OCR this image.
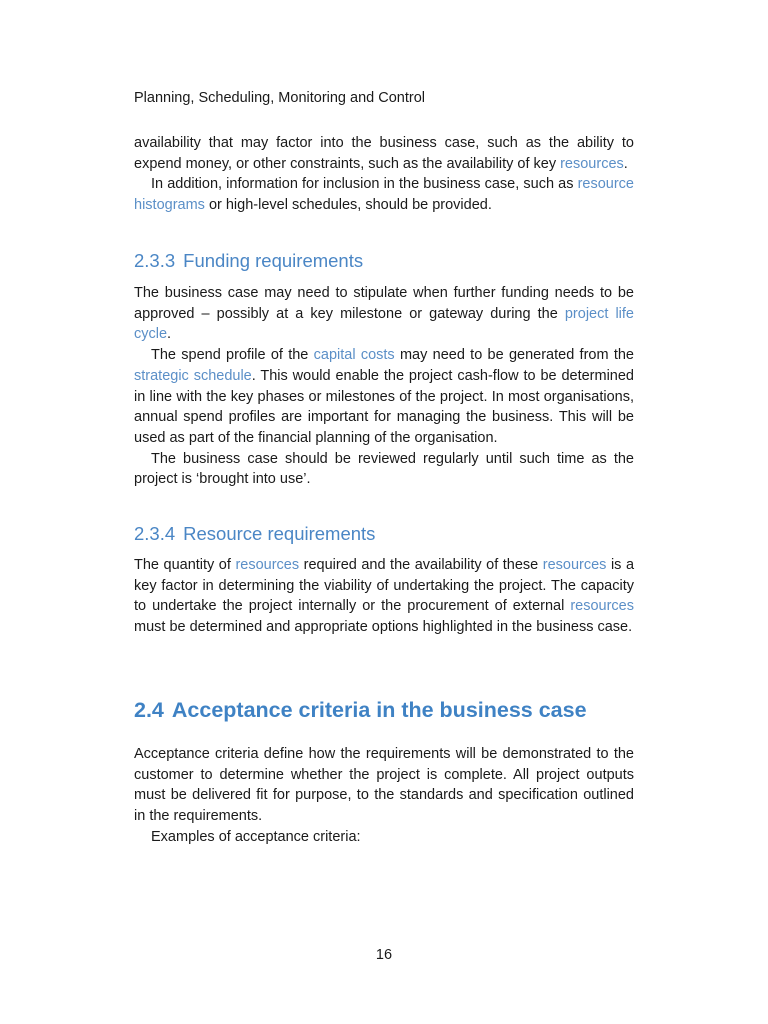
Planning, Scheduling, Monitoring and Control

availability that may factor into the business case, such as the ability to expend money, or other constraints, such as the availability of key resources.

In addition, information for inclusion in the business case, such as resource histograms or high-level schedules, should be provided.

2.3.3 Funding requirements

The business case may need to stipulate when further funding needs to be approved – possibly at a key milestone or gateway during the project life cycle.

The spend profile of the capital costs may need to be generated from the strategic schedule. This would enable the project cash-flow to be determined in line with the key phases or milestones of the project. In most organisations, annual spend profiles are important for managing the business. This will be used as part of the financial planning of the organisation.

The business case should be reviewed regularly until such time as the project is ‘brought into use’.

2.3.4 Resource requirements

The quantity of resources required and the availability of these resources is a key factor in determining the viability of undertaking the project. The capacity to undertake the project internally or the procurement of external resources must be determined and appropriate options highlighted in the business case.

2.4 Acceptance criteria in the business case

Acceptance criteria define how the requirements will be demonstrated to the customer to determine whether the project is complete. All project outputs must be delivered fit for purpose, to the standards and specification outlined in the requirements.

Examples of acceptance criteria:

16
